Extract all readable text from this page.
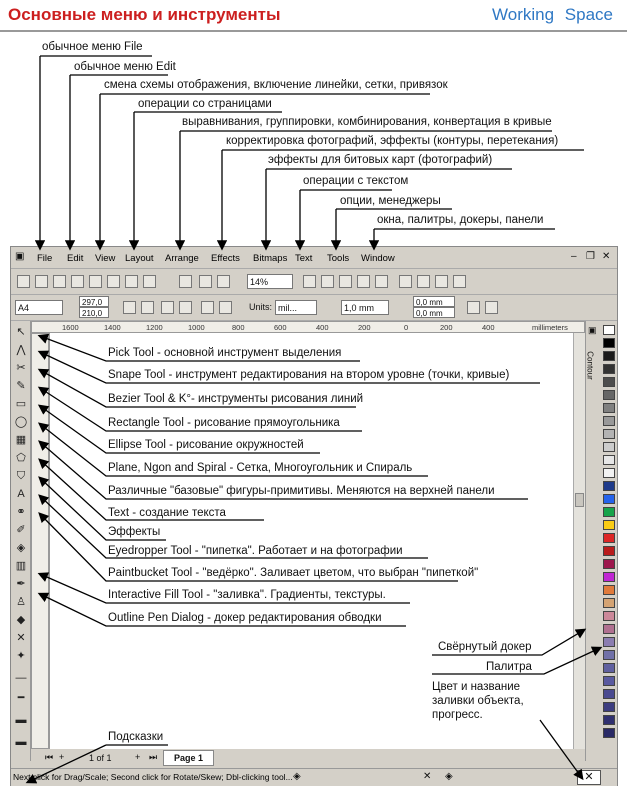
Основные меню и инструменты	Working Space
обычное меню File
обычное меню Edit
смена схемы отображения, включение линейки, сетки, привязок
операции со страницами
выравнивания, группировки, комбинирования, конвертация в кривые
корректировка фотографий, эффекты (контуры, перетекания)
эффекты для битовых карт (фотографий)
операции с текстом
опции, менеджеры
окна, палитры, докеры, панели
▣ File Edit View Layout Arrange Effects Bitmaps Text Tools Window	– ❐ ✕
14%
A4
297,0
210,0
Units: mil...	1,0 mm
0,0 mm
0,0 mm
1600	1400	1200	1000	800	600	400	200	0	200	400	millimeters
↖
⋀
✂
✎
▭
◯
▦
⬠
⛉
A
⚭
✐
◈
▥
✒
♙
◆
✕
✦
—
━
▬
▬
▣
Contour
⏮ +	1 of 1	+ ⏭	Page 1
Next click for Drag/Scale; Second click for Rotate/Skew; Dbl-clicking tool... ◈	✕ ◈	✕
Pick Tool - основной инструмент выделения
Snape Tool - инструмент редактирования на втором уровне (точки, кривые)
Bezier Tool & K°- инструменты рисования линий
Rectangle Tool - рисование прямоугольника
Ellipse Tool - рисование окружностей
Plane, Ngon and Spiral - Сетка, Многоугольник и Спираль
Различные "базовые" фигуры-примитивы. Меняются на верхней панели
Text - создание текста
Эффекты
Eyedropper Tool - "пипетка". Работает и на фотографии
Paintbucket Tool - "ведёрко". Заливает цветом, что выбран "пипеткой"
Interactive Fill Tool - "заливка". Градиенты, текстуры.
Outline Pen Dialog - докер редактирования обводки
Свёрнутый докер
Палитра
Цвет и название
заливки объекта,
прогресс.
Подсказки
